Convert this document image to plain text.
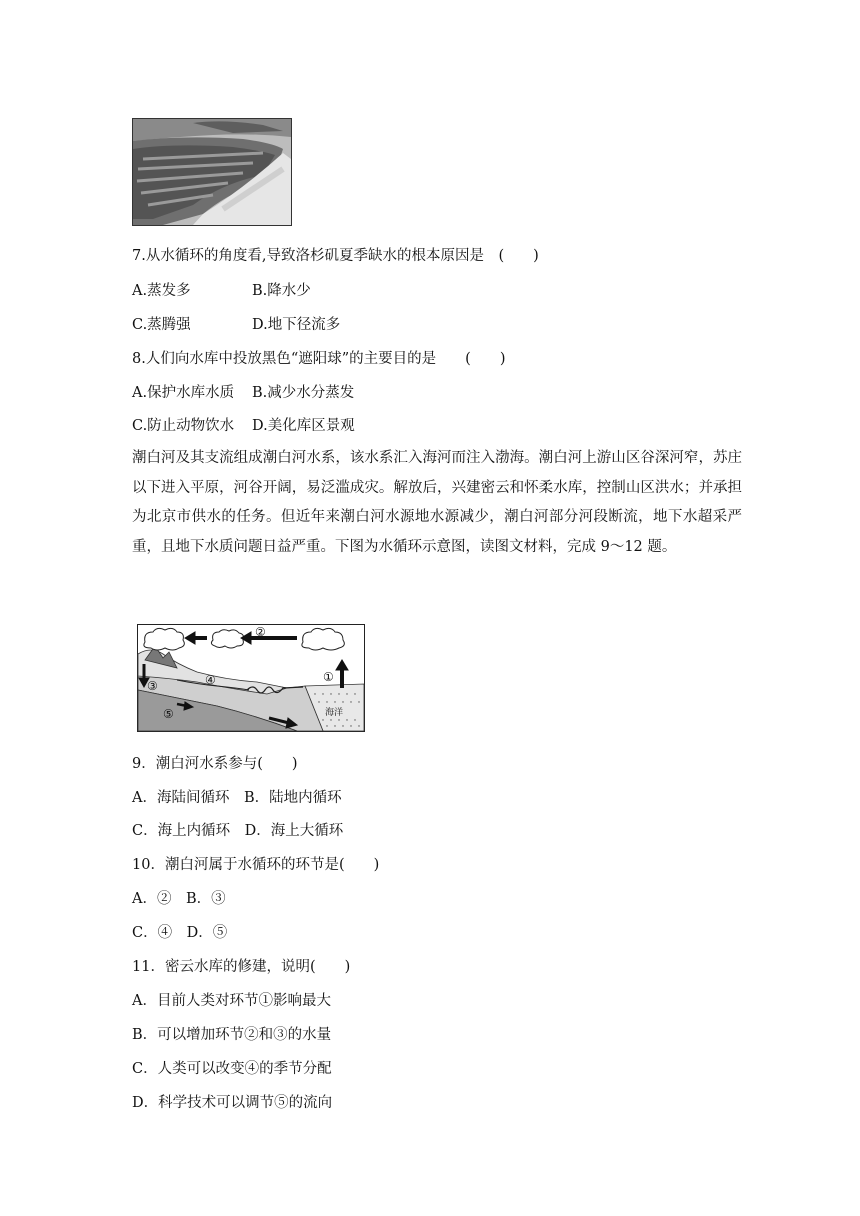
7.从水循环的角度看,导致洛杉矶夏季缺水的根本原因是　(　　)
A.蒸发多	B.降水少
C.蒸腾强	D.地下径流多
8.人们向水库中投放黑色“遮阳球”的主要目的是　　(　　)
A.保护水库水质 B.减少水分蒸发
C.防止动物饮水 D.美化库区景观
潮白河及其支流组成潮白河水系，该水系汇入海河而注入渤海。潮白河上游山区谷深河窄，苏庄以下进入平原，河谷开阔，易泛滥成灾。解放后，兴建密云和怀柔水库，控制山区洪水；并承担为北京市供水的任务。但近年来潮白河水源地水源减少，潮白河部分河段断流，地下水超采严重，且地下水质问题日益严重。下图为水循环示意图，读图文材料，完成 9～12 题。
海洋
②
①
③	④
⑤
9．潮白河水系参与(　　)
A．海陆间循环　B．陆地内循环
C．海上内循环　D．海上大循环
10．潮白河属于水循环的环节是(　　)
A．②　B．③
C．④　D．⑤
11．密云水库的修建，说明(　　)
A．目前人类对环节①影响最大
B．可以增加环节②和③的水量
C．人类可以改变④的季节分配
D．科学技术可以调节⑤的流向
